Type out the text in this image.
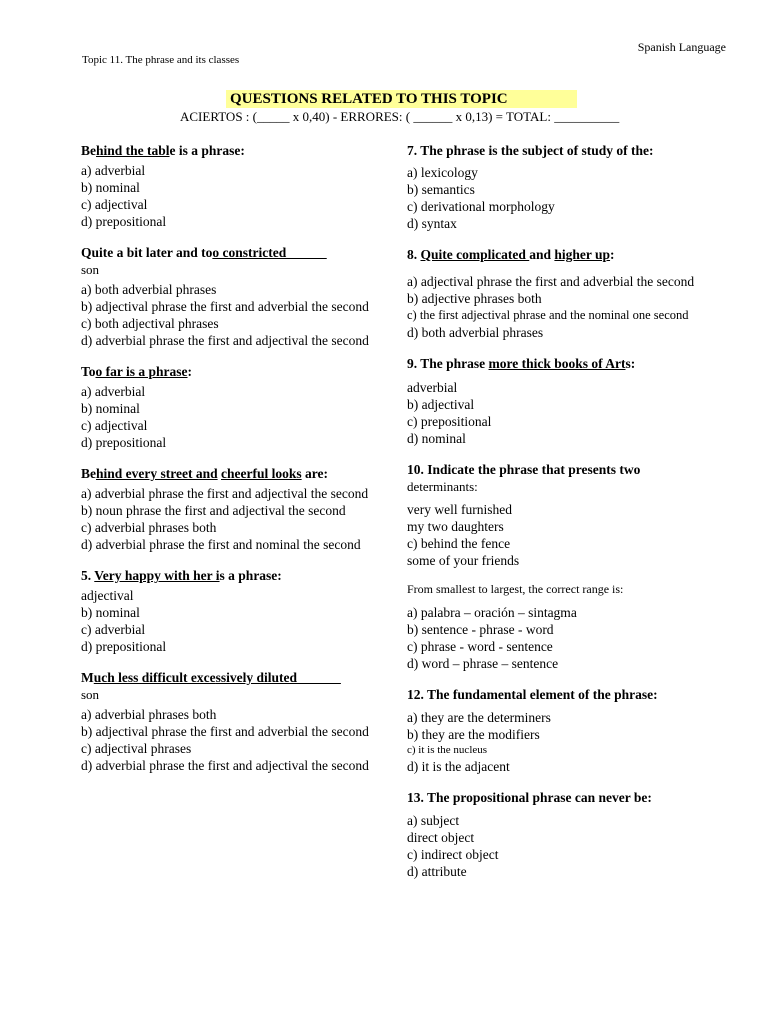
Spanish Language
Topic 11. The phrase and its classes
QUESTIONS RELATED TO THIS TOPIC
ACIERTOS : (_____ x 0,40) - ERRORES: ( ______ x 0,13) = TOTAL: __________
Behind the table is a phrase:
a) adverbial
b) nominal
c) adjectival
d) prepositional
Quite a bit later and too constricted
son
a) both adverbial phrases
b) adjectival phrase the first and adverbial the second
c) both adjectival phrases
d) adverbial phrase the first and adjectival the second
Too far is a phrase:
a) adverbial
b) nominal
c) adjectival
d) prepositional
Behind every street and cheerful looks are:
a) adverbial phrase the first and adjectival the second
b) noun phrase the first and adjectival the second
c) adverbial phrases both
d) adverbial phrase the first and nominal the second
5. Very happy with her is a phrase:
adjectival
b) nominal
c) adverbial
d) prepositional
Much less difficult excessively diluted
son
a) adverbial phrases both
b) adjectival phrase the first and adverbial the second
c) adjectival phrases
d) adverbial phrase the first and adjectival the second
7. The phrase is the subject of study of the:
a) lexicology
b) semantics
c) derivational morphology
d) syntax
8. Quite complicated and higher up:
a) adjectival phrase the first and adverbial the second
b) adjective phrases both
c) the first adjectival phrase and the nominal one second
d) both adverbial phrases
9. The phrase more thick books of Arts:
adverbial
b) adjectival
c) prepositional
d) nominal
10. Indicate the phrase that presents two
determinants:
very well furnished
my two daughters
c) behind the fence
some of your friends
From smallest to largest, the correct range is:
a) palabra – oración – sintagma
b) sentence - phrase - word
c) phrase - word - sentence
d) word – phrase – sentence
12. The fundamental element of the phrase:
a) they are the determiners
b) they are the modifiers
c) it is the nucleus
d) it is the adjacent
13. The propositional phrase can never be:
a) subject
direct object
c) indirect object
d) attribute
